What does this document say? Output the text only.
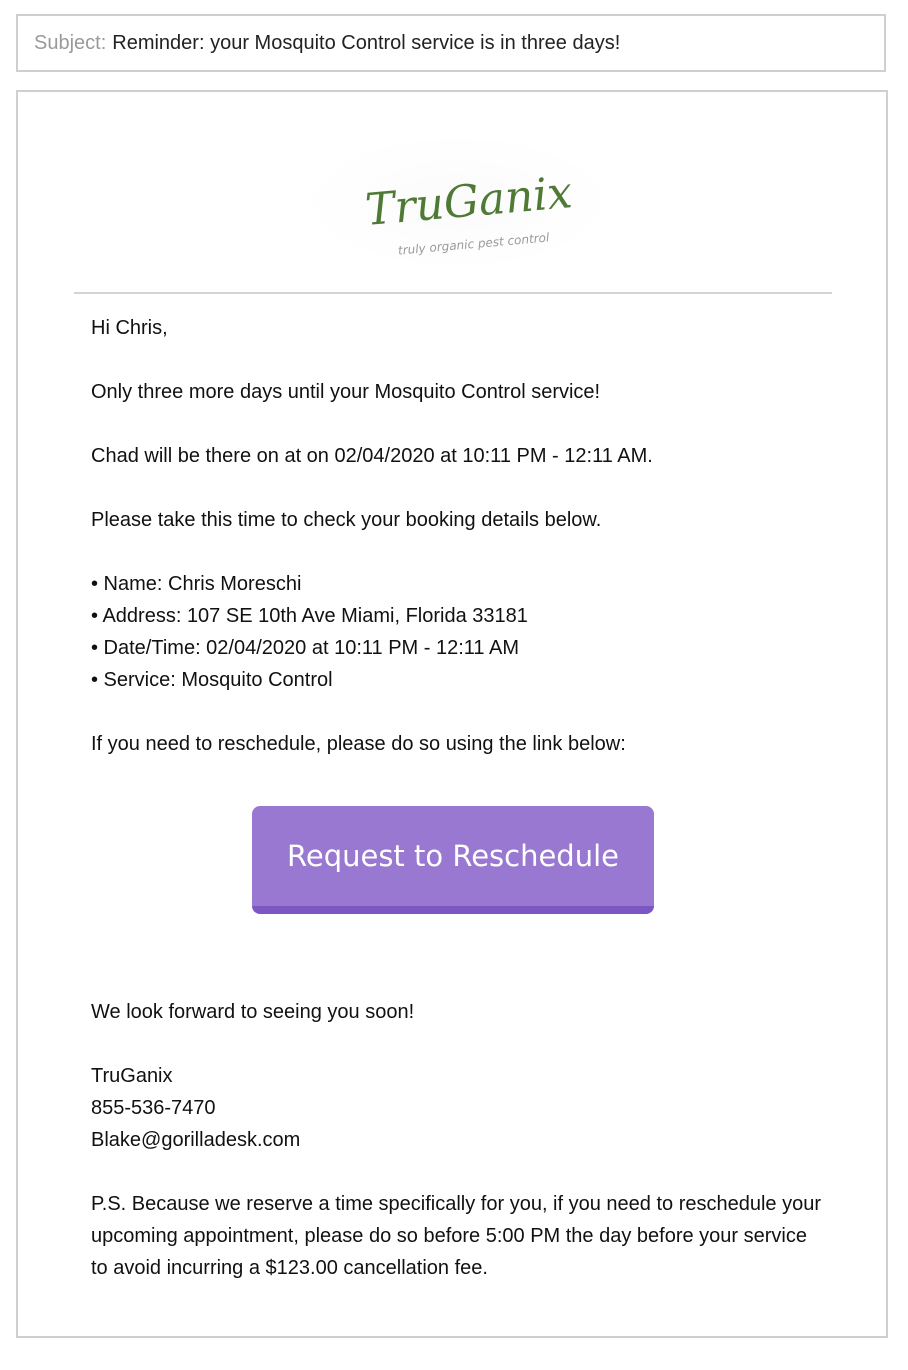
Subject: Reminder: your Mosquito Control service is in three days!
TruGanix
truly organic pest control
Hi Chris,
Only three more days until your Mosquito Control service!
Chad will be there on at on 02/04/2020 at 10:11 PM - 12:11 AM.
Please take this time to check your booking details below.
• Name: Chris Moreschi
• Address: 107 SE 10th Ave Miami, Florida 33181
• Date/Time: 02/04/2020 at 10:11 PM - 12:11 AM
• Service: Mosquito Control
If you need to reschedule, please do so using the link below:
Request to Reschedule
We look forward to seeing you soon!
TruGanix
855-536-7470
Blake@gorilladesk.com
P.S. Because we reserve a time specifically for you, if you need to reschedule your upcoming appointment, please do so before 5:00 PM the day before your service to avoid incurring a $123.00 cancellation fee.
